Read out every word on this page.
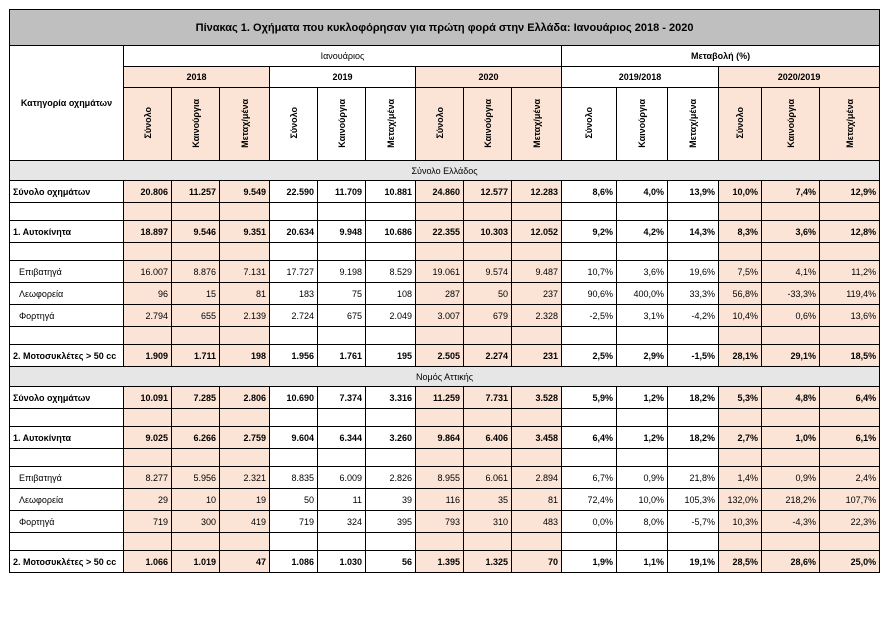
Πίνακας 1. Οχήματα που κυκλοφόρησαν για πρώτη φορά στην Ελλάδα: Ιανουάριος 2018 - 2020															
Κατηγορία οχημάτων	Ιανουάριος									Μεταβολή (%)					
	2018			2019			2020			2019/2018			2020/2019		
	Σύνολο	Καινούργια	Μεταχ/μένα	Σύνολο	Καινούργια	Μεταχ/μένα	Σύνολο	Καινούργια	Μεταχ/μένα	Σύνολο	Καινούργια	Μεταχ/μένα	Σύνολο	Καινούργια	Μεταχ/μένα
Σύνολο Ελλάδος															
Σύνολο οχημάτων	20.806	11.257	9.549	22.590	11.709	10.881	24.860	12.577	12.283	8,6%	4,0%	13,9%	10,0%	7,4%	12,9%

1. Αυτοκίνητα	18.897	9.546	9.351	20.634	9.948	10.686	22.355	10.303	12.052	9,2%	4,2%	14,3%	8,3%	3,6%	12,8%

Επιβατηγά	16.007	8.876	7.131	17.727	9.198	8.529	19.061	9.574	9.487	10,7%	3,6%	19,6%	7,5%	4,1%	11,2%
Λεωφορεία	96	15	81	183	75	108	287	50	237	90,6%	400,0%	33,3%	56,8%	-33,3%	119,4%
Φορτηγά	2.794	655	2.139	2.724	675	2.049	3.007	679	2.328	-2,5%	3,1%	-4,2%	10,4%	0,6%	13,6%

2. Μοτοσυκλέτες > 50 cc	1.909	1.711	198	1.956	1.761	195	2.505	2.274	231	2,5%	2,9%	-1,5%	28,1%	29,1%	18,5%
Νομός Αττικής															
Σύνολο οχημάτων	10.091	7.285	2.806	10.690	7.374	3.316	11.259	7.731	3.528	5,9%	1,2%	18,2%	5,3%	4,8%	6,4%

1. Αυτοκίνητα	9.025	6.266	2.759	9.604	6.344	3.260	9.864	6.406	3.458	6,4%	1,2%	18,2%	2,7%	1,0%	6,1%

Επιβατηγά	8.277	5.956	2.321	8.835	6.009	2.826	8.955	6.061	2.894	6,7%	0,9%	21,8%	1,4%	0,9%	2,4%
Λεωφορεία	29	10	19	50	11	39	116	35	81	72,4%	10,0%	105,3%	132,0%	218,2%	107,7%
Φορτηγά	719	300	419	719	324	395	793	310	483	0,0%	8,0%	-5,7%	10,3%	-4,3%	22,3%

2. Μοτοσυκλέτες > 50 cc	1.066	1.019	47	1.086	1.030	56	1.395	1.325	70	1,9%	1,1%	19,1%	28,5%	28,6%	25,0%
